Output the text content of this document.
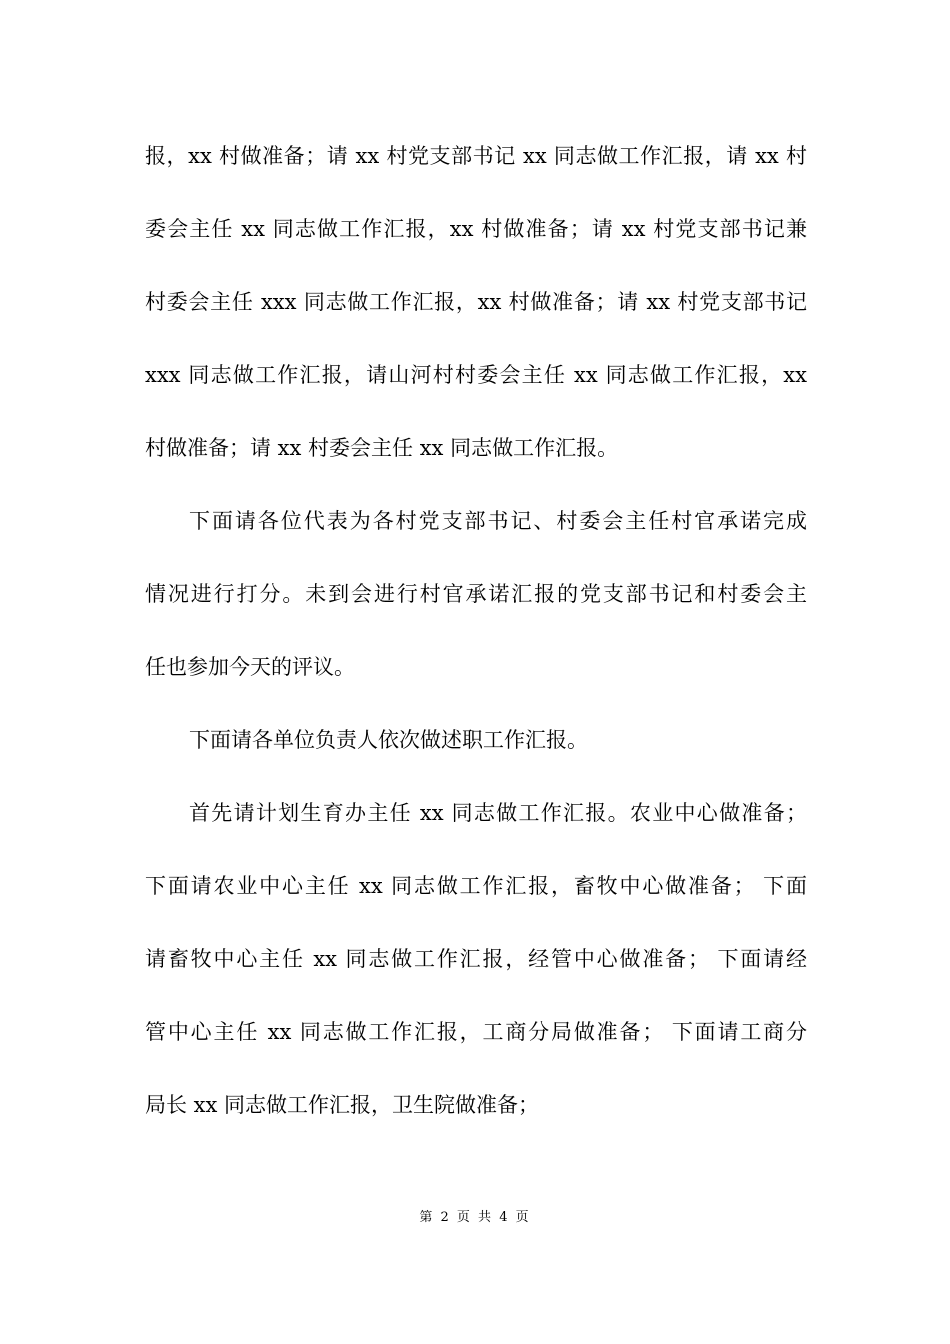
报，xx 村做准备；请 xx 村党支部书记 xx 同志做工作汇报，请 xx 村
委会主任 xx 同志做工作汇报，xx 村做准备；请 xx 村党支部书记兼
村委会主任 xxx 同志做工作汇报，xx 村做准备；请 xx 村党支部书记
xxx 同志做工作汇报，请山河村村委会主任 xx 同志做工作汇报，xx
村做准备；请 xx 村委会主任 xx 同志做工作汇报。
下面请各位代表为各村党支部书记、村委会主任村官承诺完成
情况进行打分。未到会进行村官承诺汇报的党支部书记和村委会主
任也参加今天的评议。
下面请各单位负责人依次做述职工作汇报。
首先请计划生育办主任 xx 同志做工作汇报。农业中心做准备；
下面请农业中心主任 xx 同志做工作汇报，畜牧中心做准备； 下面
请畜牧中心主任 xx 同志做工作汇报，经管中心做准备； 下面请经
管中心主任 xx 同志做工作汇报，工商分局做准备； 下面请工商分
局长 xx 同志做工作汇报，卫生院做准备；
第 2 页 共 4 页
